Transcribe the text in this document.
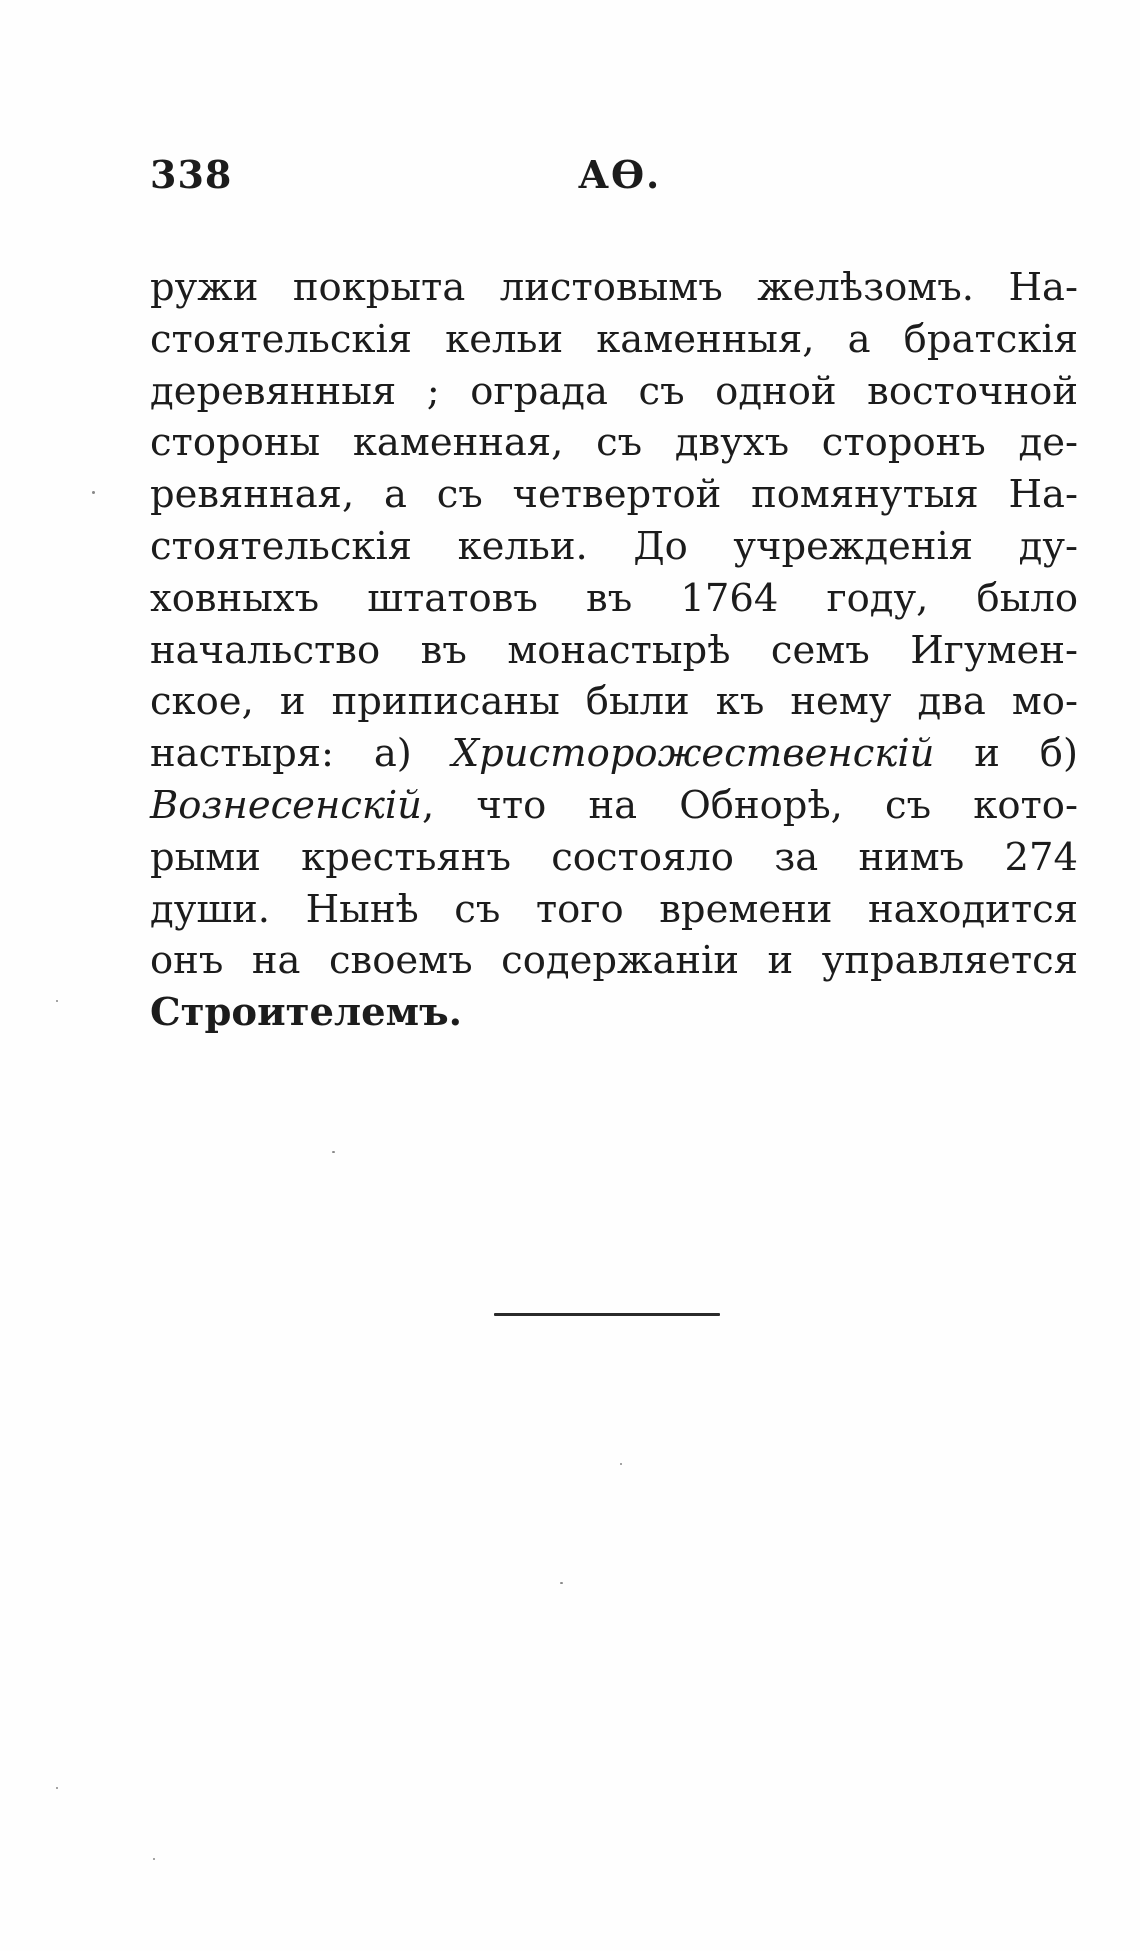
338	АѲ.
ружи покрыта листовымъ желѣзомъ. На-
стоятельскія кельи каменныя, а братскія
деревянныя ; ограда съ одной восточной
стороны каменная, съ двухъ сторонъ де-
ревянная, а съ четвертой помянутыя На-
стоятельскія кельи. До учрежденія ду-
ховныхъ штатовъ въ 1764 году, было
начальство въ монастырѣ семъ Игумен-
ское, и приписаны были къ нему два мо-
настыря: а) Христорожественскій и б)
Вознесенскій, что на Обнорѣ, съ кото-
рыми крестьянъ состояло за нимъ 274
души. Нынѣ съ того времени находится
онъ на своемъ содержаніи и управляется
Строителемъ.
